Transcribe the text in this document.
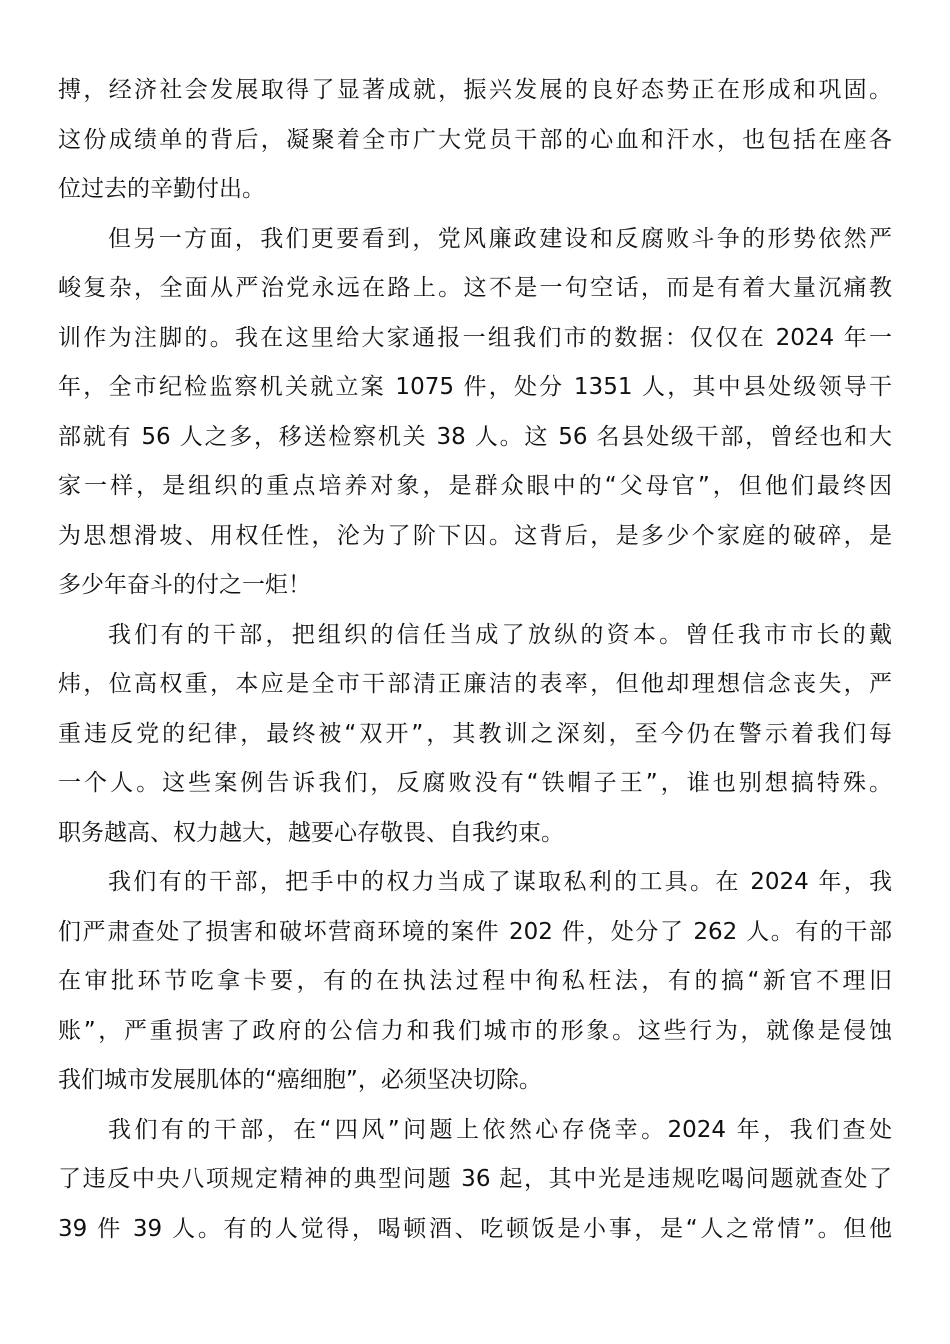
搏，经济社会发展取得了显著成就，振兴发展的良好态势正在形成和巩固。
这份成绩单的背后，凝聚着全市广大党员干部的心血和汗水，也包括在座各
位过去的辛勤付出。
但另一方面，我们更要看到，党风廉政建设和反腐败斗争的形势依然严
峻复杂，全面从严治党永远在路上。这不是一句空话，而是有着大量沉痛教
训作为注脚的。我在这里给大家通报一组我们市的数据：仅仅在 2024 年一
年，全市纪检监察机关就立案 1075 件，处分 1351 人，其中县处级领导干
部就有 56 人之多，移送检察机关 38 人。这 56 名县处级干部，曾经也和大
家一样，是组织的重点培养对象，是群众眼中的“父母官”，但他们最终因
为思想滑坡、用权任性，沦为了阶下囚。这背后，是多少个家庭的破碎，是
多少年奋斗的付之一炬！
我们有的干部，把组织的信任当成了放纵的资本。曾任我市市长的戴
炜，位高权重，本应是全市干部清正廉洁的表率，但他却理想信念丧失，严
重违反党的纪律，最终被“双开”，其教训之深刻，至今仍在警示着我们每
一个人。这些案例告诉我们，反腐败没有“铁帽子王”，谁也别想搞特殊。
职务越高、权力越大，越要心存敬畏、自我约束。
我们有的干部，把手中的权力当成了谋取私利的工具。在 2024 年，我
们严肃查处了损害和破坏营商环境的案件 202 件，处分了 262 人。有的干部
在审批环节吃拿卡要，有的在执法过程中徇私枉法，有的搞“新官不理旧
账”，严重损害了政府的公信力和我们城市的形象。这些行为，就像是侵蚀
我们城市发展肌体的“癌细胞”，必须坚决切除。
我们有的干部，在“四风”问题上依然心存侥幸。2024 年，我们查处
了违反中央八项规定精神的典型问题 36 起，其中光是违规吃喝问题就查处了
39 件 39 人。有的人觉得，喝顿酒、吃顿饭是小事，是“人之常情”。但他
